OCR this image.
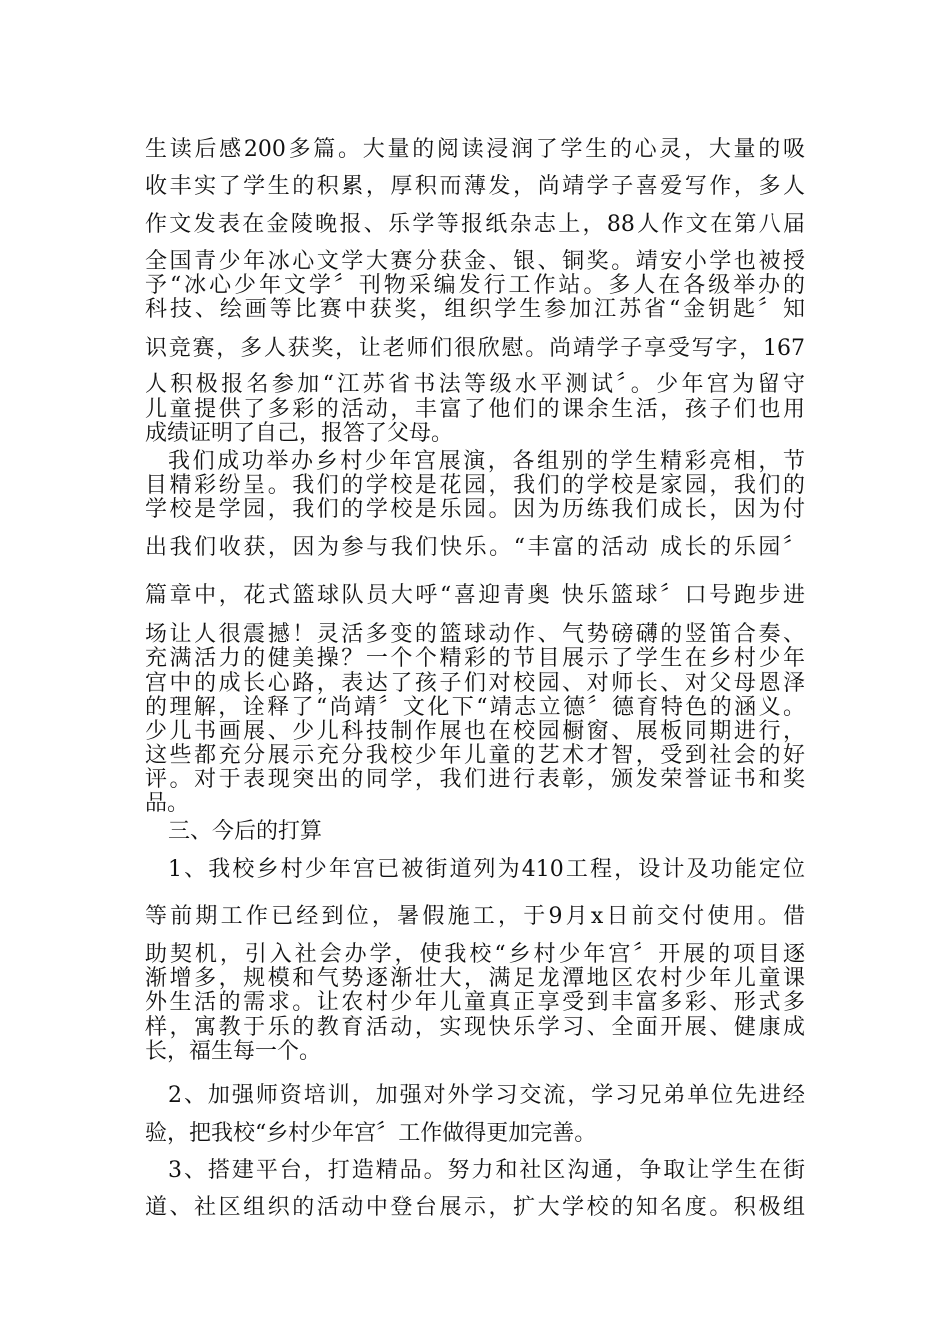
生读后感200多篇。大量的阅读浸润了学生的心灵，大量的吸
收丰实了学生的积累，厚积而薄发，尚靖学子喜爱写作，多人
作文发表在金陵晚报、乐学等报纸杂志上，88人作文在第八届
全国青少年冰心文学大赛分获金、银、铜奖。靖安小学也被授
予“冰心少年文学〞刊物采编发行工作站。多人在各级举办的
科技、绘画等比赛中获奖，组织学生参加江苏省“金钥匙〞知
识竞赛，多人获奖，让老师们很欣慰。尚靖学子享受写字，167
人积极报名参加“江苏省书法等级水平测试〞。少年宫为留守
儿童提供了多彩的活动，丰富了他们的课余生活，孩子们也用
成绩证明了自己，报答了父母。
我们成功举办乡村少年宫展演，各组别的学生精彩亮相，节
目精彩纷呈。我们的学校是花园，我们的学校是家园，我们的
学校是学园，我们的学校是乐园。因为历练我们成长，因为付
出我们收获，因为参与我们快乐。“丰富的活动 成长的乐园〞
篇章中，花式篮球队员大呼“喜迎青奥 快乐篮球〞口号跑步进
场让人很震撼！灵活多变的篮球动作、气势磅礴的竖笛合奏、
充满活力的健美操？一个个精彩的节目展示了学生在乡村少年
宫中的成长心路，表达了孩子们对校园、对师长、对父母恩泽
的理解，诠释了“尚靖〞文化下“靖志立德〞德育特色的涵义。
少儿书画展、少儿科技制作展也在校园橱窗、展板同期进行，
这些都充分展示充分我校少年儿童的艺术才智，受到社会的好
评。对于表现突出的同学，我们进行表彰，颁发荣誉证书和奖
品。
三、今后的打算
1、我校乡村少年宫已被街道列为410工程，设计及功能定位
等前期工作已经到位，暑假施工，于9月x日前交付使用。借
助契机，引入社会办学，使我校“乡村少年宫〞开展的项目逐
渐增多，规模和气势逐渐壮大，满足龙潭地区农村少年儿童课
外生活的需求。让农村少年儿童真正享受到丰富多彩、形式多
样，寓教于乐的教育活动，实现快乐学习、全面开展、健康成
长，福生每一个。
2、加强师资培训，加强对外学习交流，学习兄弟单位先进经
验，把我校“乡村少年宫〞工作做得更加完善。
3、搭建平台，打造精品。努力和社区沟通，争取让学生在街
道、社区组织的活动中登台展示，扩大学校的知名度。积极组
